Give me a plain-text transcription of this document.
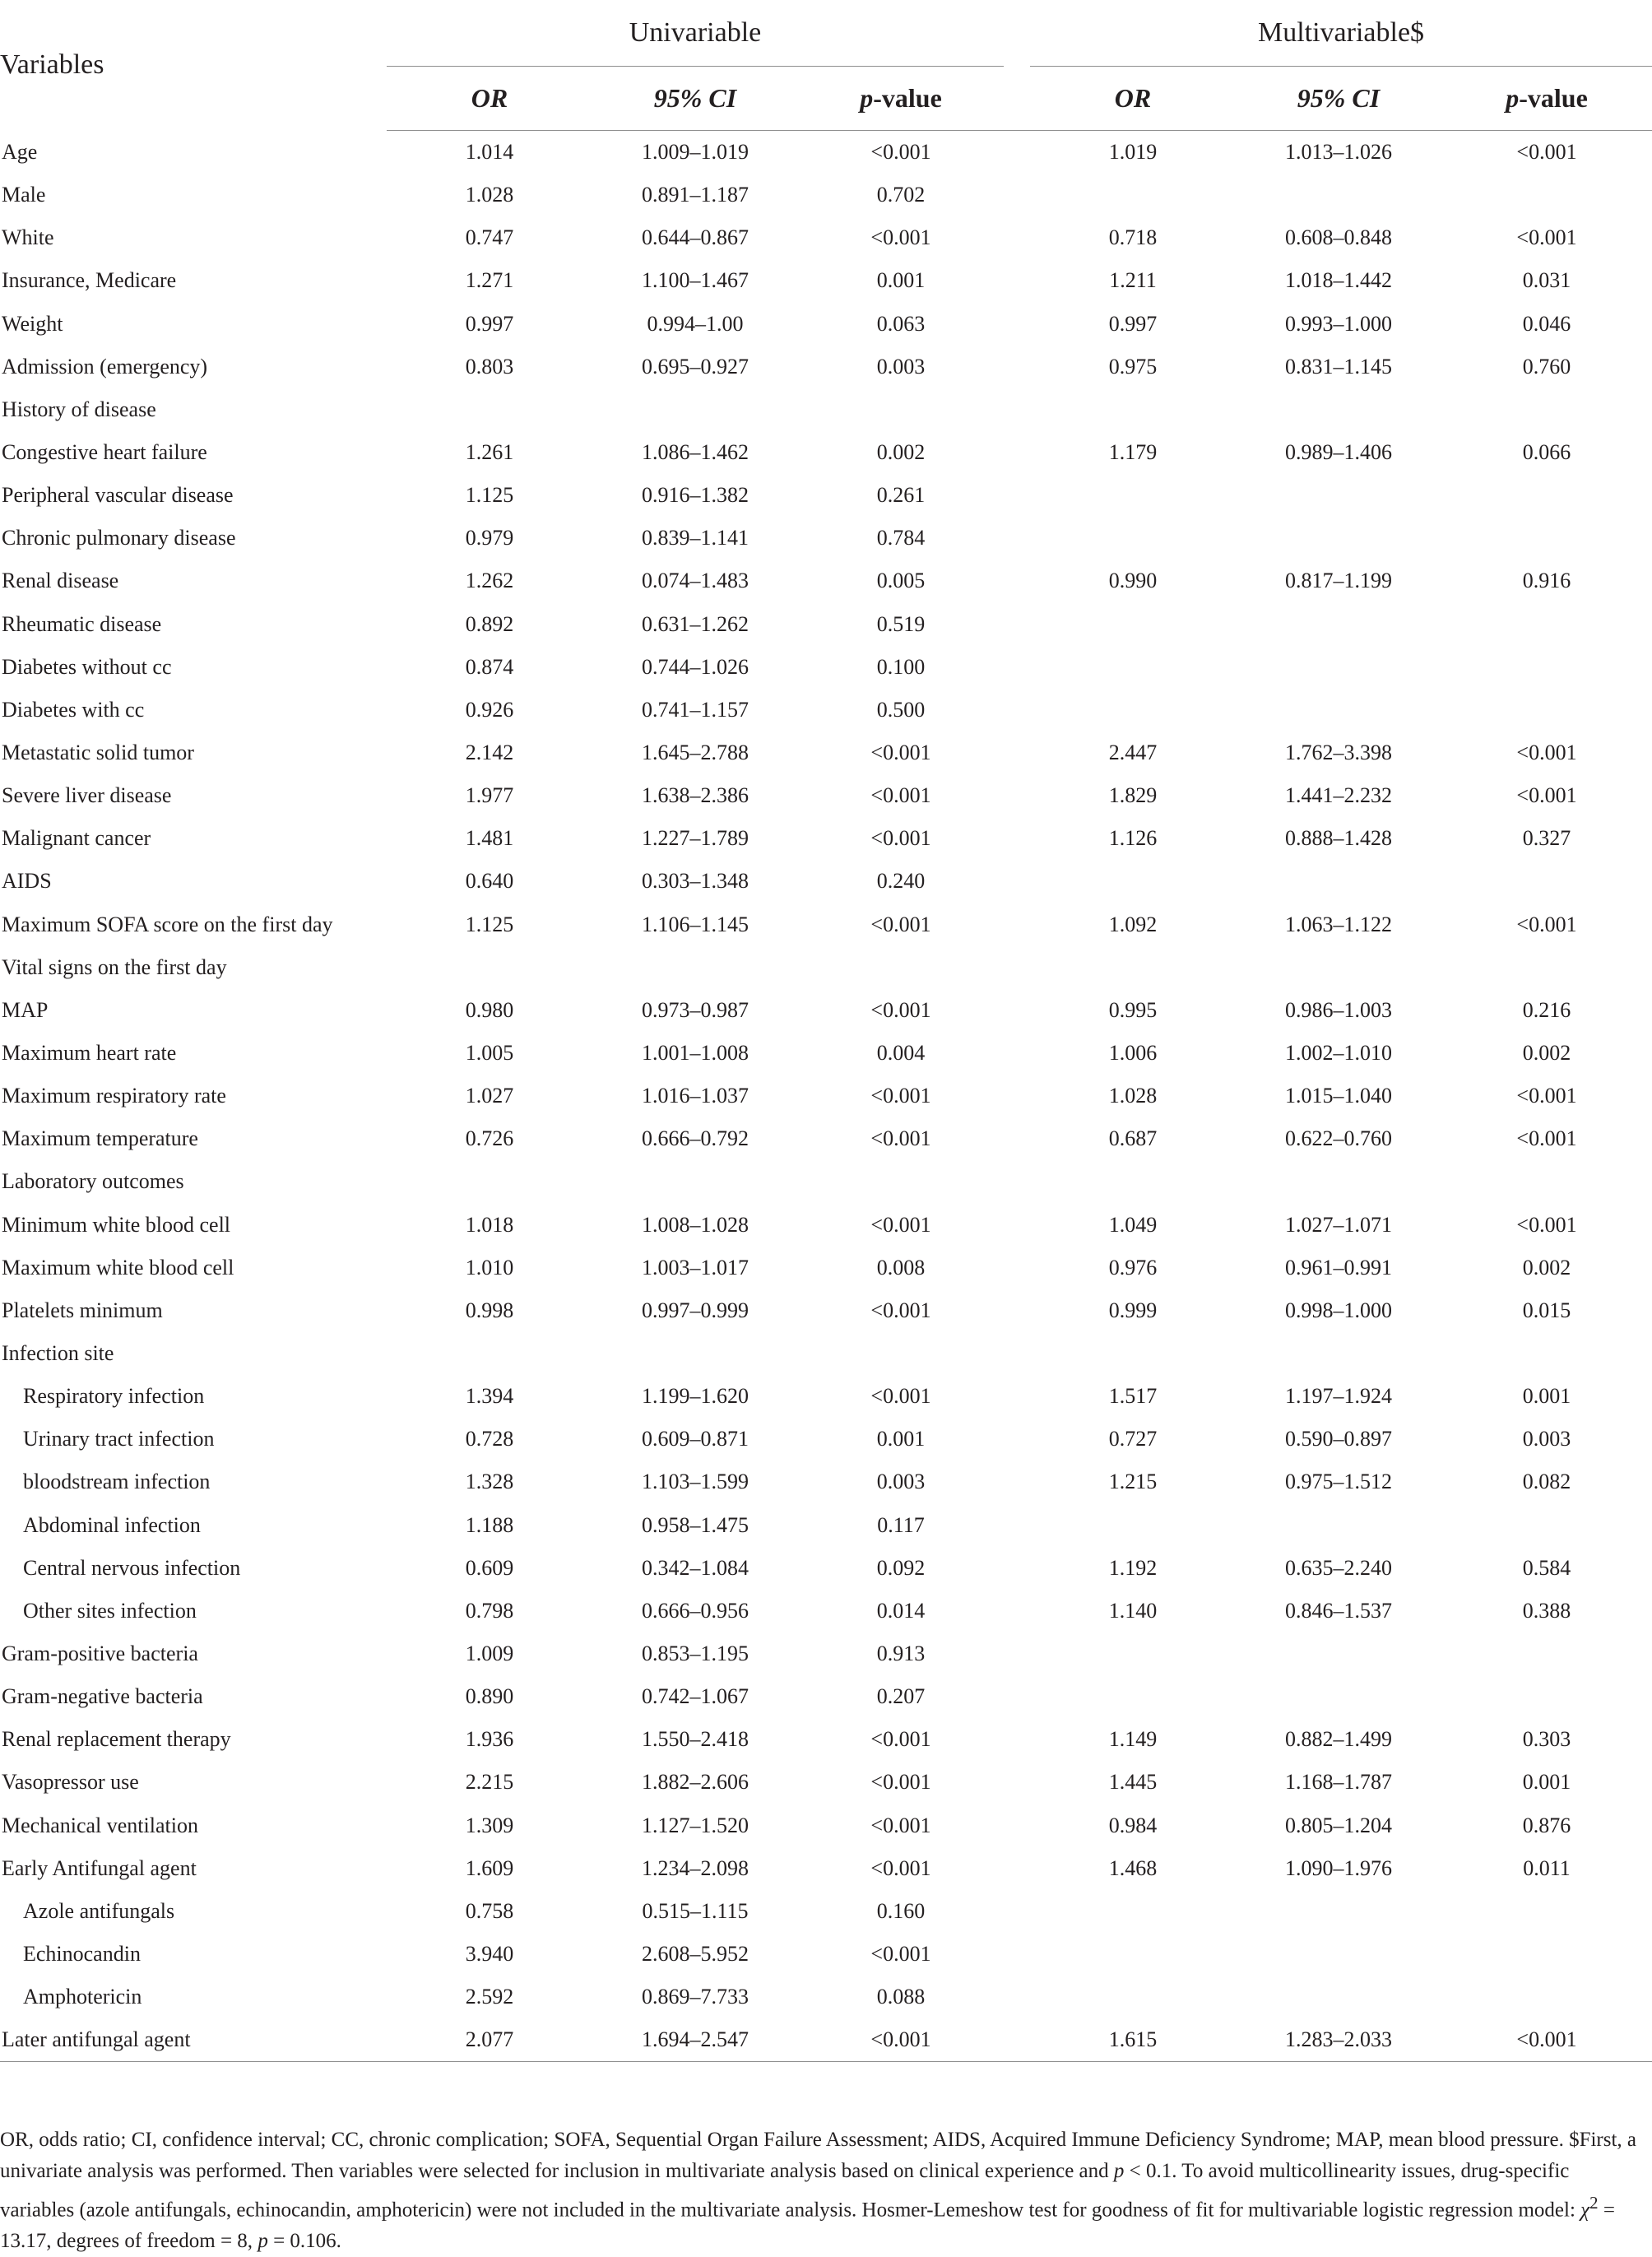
Variables	Univariable				Multivariable$		
	OR	95% CI	p-value		OR	95% CI	p-value
Age	1.014	1.009–1.019	<0.001		1.019	1.013–1.026	<0.001
Male	1.028	0.891–1.187	0.702				
White	0.747	0.644–0.867	<0.001		0.718	0.608–0.848	<0.001
Insurance, Medicare	1.271	1.100–1.467	0.001		1.211	1.018–1.442	0.031
Weight	0.997	0.994–1.00	0.063		0.997	0.993–1.000	0.046
Admission (emergency)	0.803	0.695–0.927	0.003		0.975	0.831–1.145	0.760
History of disease							
Congestive heart failure	1.261	1.086–1.462	0.002		1.179	0.989–1.406	0.066
Peripheral vascular disease	1.125	0.916–1.382	0.261				
Chronic pulmonary disease	0.979	0.839–1.141	0.784				
Renal disease	1.262	0.074–1.483	0.005		0.990	0.817–1.199	0.916
Rheumatic disease	0.892	0.631–1.262	0.519				
Diabetes without cc	0.874	0.744–1.026	0.100				
Diabetes with cc	0.926	0.741–1.157	0.500				
Metastatic solid tumor	2.142	1.645–2.788	<0.001		2.447	1.762–3.398	<0.001
Severe liver disease	1.977	1.638–2.386	<0.001		1.829	1.441–2.232	<0.001
Malignant cancer	1.481	1.227–1.789	<0.001		1.126	0.888–1.428	0.327
AIDS	0.640	0.303–1.348	0.240				
Maximum SOFA score on the first day	1.125	1.106–1.145	<0.001		1.092	1.063–1.122	<0.001
Vital signs on the first day							
MAP	0.980	0.973–0.987	<0.001		0.995	0.986–1.003	0.216
Maximum heart rate	1.005	1.001–1.008	0.004		1.006	1.002–1.010	0.002
Maximum respiratory rate	1.027	1.016–1.037	<0.001		1.028	1.015–1.040	<0.001
Maximum temperature	0.726	0.666–0.792	<0.001		0.687	0.622–0.760	<0.001
Laboratory outcomes							
Minimum white blood cell	1.018	1.008–1.028	<0.001		1.049	1.027–1.071	<0.001
Maximum white blood cell	1.010	1.003–1.017	0.008		0.976	0.961–0.991	0.002
Platelets minimum	0.998	0.997–0.999	<0.001		0.999	0.998–1.000	0.015
Infection site							
Respiratory infection	1.394	1.199–1.620	<0.001		1.517	1.197–1.924	0.001
Urinary tract infection	0.728	0.609–0.871	0.001		0.727	0.590–0.897	0.003
bloodstream infection	1.328	1.103–1.599	0.003		1.215	0.975–1.512	0.082
Abdominal infection	1.188	0.958–1.475	0.117				
Central nervous infection	0.609	0.342–1.084	0.092		1.192	0.635–2.240	0.584
Other sites infection	0.798	0.666–0.956	0.014		1.140	0.846–1.537	0.388
Gram-positive bacteria	1.009	0.853–1.195	0.913				
Gram-negative bacteria	0.890	0.742–1.067	0.207				
Renal replacement therapy	1.936	1.550–2.418	<0.001		1.149	0.882–1.499	0.303
Vasopressor use	2.215	1.882–2.606	<0.001		1.445	1.168–1.787	0.001
Mechanical ventilation	1.309	1.127–1.520	<0.001		0.984	0.805–1.204	0.876
Early Antifungal agent	1.609	1.234–2.098	<0.001		1.468	1.090–1.976	0.011
Azole antifungals	0.758	0.515–1.115	0.160				
Echinocandin	3.940	2.608–5.952	<0.001				
Amphotericin	2.592	0.869–7.733	0.088				
Later antifungal agent	2.077	1.694–2.547	<0.001		1.615	1.283–2.033	<0.001
OR, odds ratio; CI, confidence interval; CC, chronic complication; SOFA, Sequential Organ Failure Assessment; AIDS, Acquired Immune Deficiency Syndrome; MAP, mean blood pressure. $First, a univariate analysis was performed. Then variables were selected for inclusion in multivariate analysis based on clinical experience and p < 0.1. To avoid multicollinearity issues, drug-specific variables (azole antifungals, echinocandin, amphotericin) were not included in the multivariate analysis. Hosmer-Lemeshow test for goodness of fit for multivariable logistic regression model: $\chi^2 = 13.17$, degrees of freedom = 8, p = 0.106.
